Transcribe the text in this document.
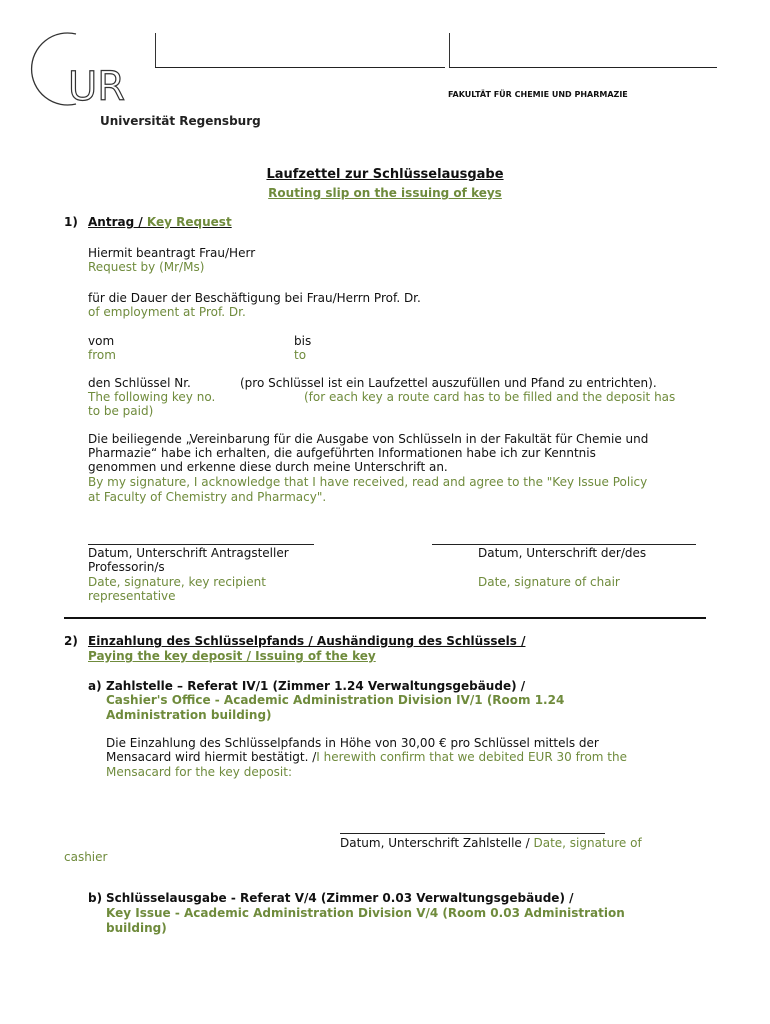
UR
Universität Regensburg
FAKULTÄT FÜR CHEMIE UND PHARMAZIE
Laufzettel zur Schlüsselausgabe
Routing slip on the issuing of keys
1) Antrag / Key Request
Hiermit beantragt Frau/Herr
Request by (Mr/Ms)
für die Dauer der Beschäftigung bei Frau/Herrn Prof. Dr.
of employment at Prof. Dr.
vom
from
bis
to
den Schlüssel Nr.	(pro Schlüssel ist ein Laufzettel auszufüllen und Pfand zu entrichten).
The following key no.	(for each key a route card has to be filled and the deposit has
to be paid)
Die beiliegende „Vereinbarung für die Ausgabe von Schlüsseln in der Fakultät für Chemie und
Pharmazie“ habe ich erhalten, die aufgeführten Informationen habe ich zur Kenntnis
genommen und erkenne diese durch meine Unterschrift an.
By my signature, I acknowledge that I have received, read and agree to the "Key Issue Policy
at Faculty of Chemistry and Pharmacy".
Datum, Unterschrift Antragsteller
Professorin/s
Date, signature, key recipient
representative
Datum, Unterschrift der/des
Date, signature of chair
2) Einzahlung des Schlüsselpfands / Aushändigung des Schlüssels /
Paying the key deposit / Issuing of the key
a) Zahlstelle – Referat IV/1 (Zimmer 1.24 Verwaltungsgebäude) /
Cashier's Office - Academic Administration Division IV/1 (Room 1.24
Administration building)
Die Einzahlung des Schlüsselpfands in Höhe von 30,00 € pro Schlüssel mittels der
Mensacard wird hiermit bestätigt. /I herewith confirm that we debited EUR 30 from the
Mensacard for the key deposit:
Datum, Unterschrift Zahlstelle / Date, signature of
cashier
b) Schlüsselausgabe - Referat V/4 (Zimmer 0.03 Verwaltungsgebäude) /
Key Issue - Academic Administration Division V/4 (Room 0.03 Administration
building)
